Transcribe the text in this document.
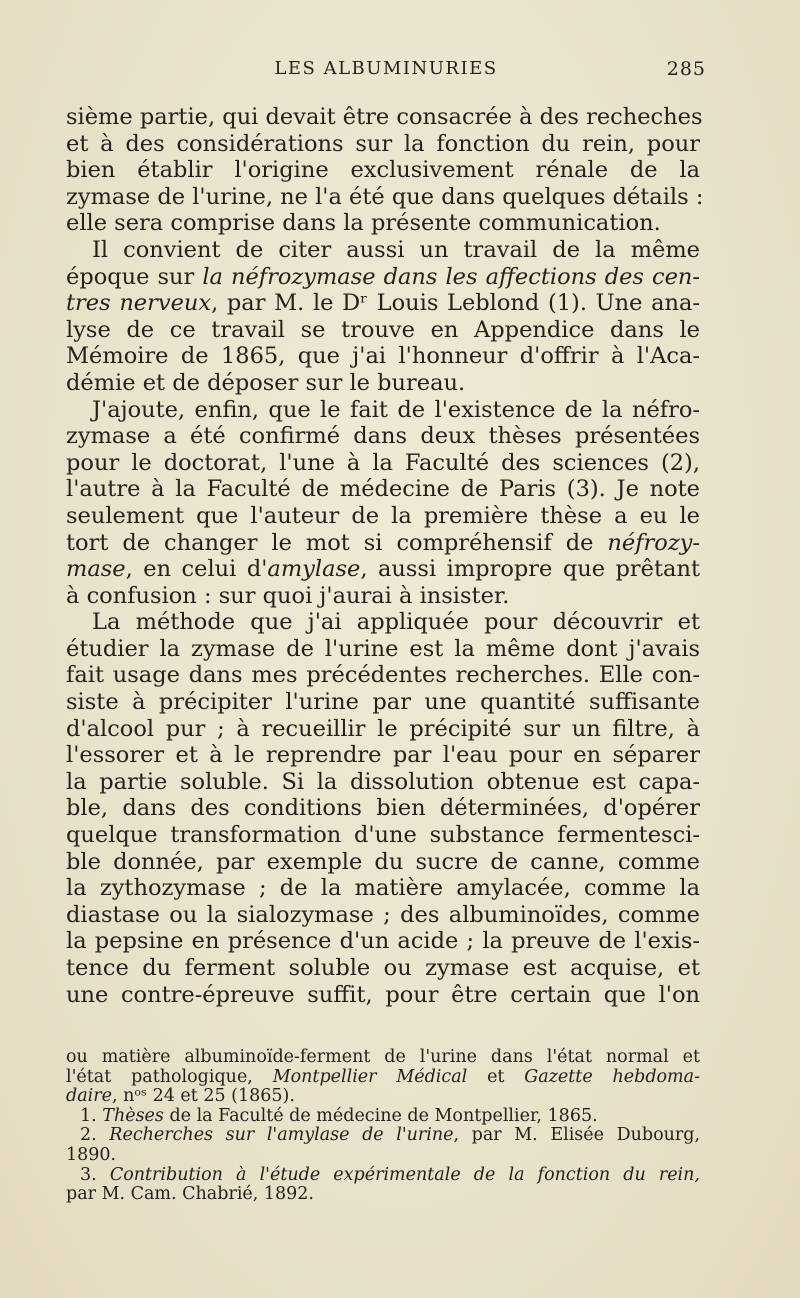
LES ALBUMINURIES	285
sième partie, qui devait être consacrée à des recheches
et à des considérations sur la fonction du rein, pour
bien établir l'origine exclusivement rénale de la
zymase de l'urine, ne l'a été que dans quelques détails :
elle sera comprise dans la présente communication.
Il convient de citer aussi un travail de la même
époque sur la néfrozymase dans les affections des cen-
tres nerveux, par M. le Dʳ Louis Leblond (1). Une ana-
lyse de ce travail se trouve en Appendice dans le
Mémoire de 1865, que j'ai l'honneur d'offrir à l'Aca-
démie et de déposer sur le bureau.
J'ajoute, enfin, que le fait de l'existence de la néfro-
zymase a été confirmé dans deux thèses présentées
pour le doctorat, l'une à la Faculté des sciences (2),
l'autre à la Faculté de médecine de Paris (3). Je note
seulement que l'auteur de la première thèse a eu le
tort de changer le mot si compréhensif de néfrozy-
mase, en celui d'amylase, aussi impropre que prêtant
à confusion : sur quoi j'aurai à insister.
La méthode que j'ai appliquée pour découvrir et
étudier la zymase de l'urine est la même dont j'avais
fait usage dans mes précédentes recherches. Elle con-
siste à précipiter l'urine par une quantité suffisante
d'alcool pur ; à recueillir le précipité sur un filtre, à
l'essorer et à le reprendre par l'eau pour en séparer
la partie soluble. Si la dissolution obtenue est capa-
ble, dans des conditions bien déterminées, d'opérer
quelque transformation d'une substance fermentesci-
ble donnée, par exemple du sucre de canne, comme
la zythozymase ; de la matière amylacée, comme la
diastase ou la sialozymase ; des albuminoïdes, comme
la pepsine en présence d'un acide ; la preuve de l'exis-
tence du ferment soluble ou zymase est acquise, et
une contre-épreuve suffit, pour être certain que l'on
ou matière albuminoïde-ferment de l'urine dans l'état normal et
l'état pathologique, Montpellier Médical et Gazette hebdoma-
daire, nᵒˢ 24 et 25 (1865).
1. Thèses de la Faculté de médecine de Montpellier, 1865.
2. Recherches sur l'amylase de l'urine, par M. Elisée Dubourg,
1890.
3. Contribution à l'étude expérimentale de la fonction du rein,
par M. Cam. Chabrié, 1892.
